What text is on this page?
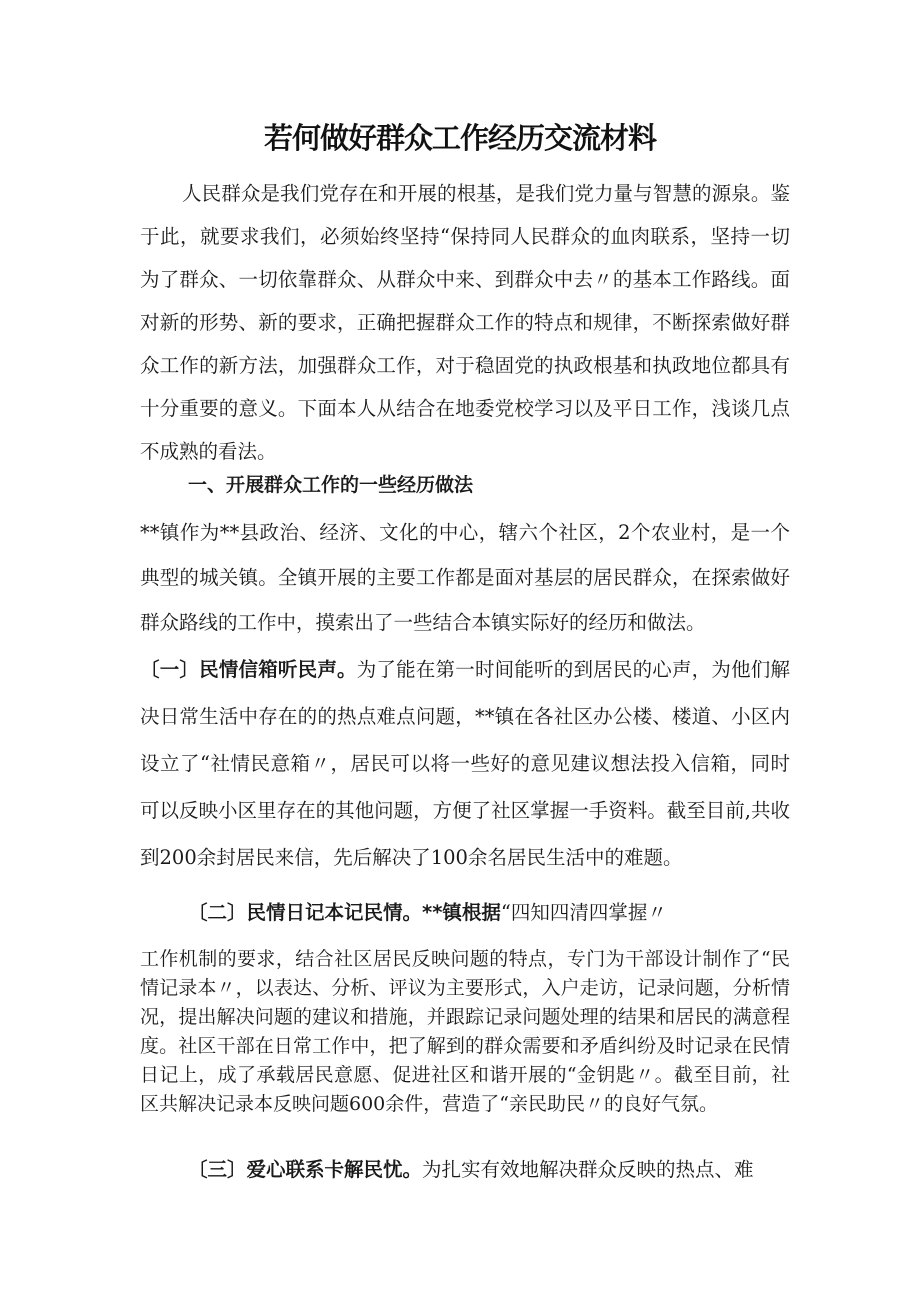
若何做好群众工作经历交流材料

人民群众是我们党存在和开展的根基，是我们党力量与智慧的源泉。鉴于此，就要求我们，必须始终坚持“保持同人民群众的血肉联系，坚持一切为了群众、一切依靠群众、从群众中来、到群众中去〃的基本工作路线。面对新的形势、新的要求，正确把握群众工作的特点和规律，不断探索做好群众工作的新方法，加强群众工作，对于稳固党的执政根基和执政地位都具有十分重要的意义。下面本人从结合在地委党校学习以及平日工作，浅谈几点不成熟的看法。

一、开展群众工作的一些经历做法

**镇作为**县政治、经济、文化的中心，辖六个社区，2个农业村，是一个典型的城关镇。全镇开展的主要工作都是面对基层的居民群众，在探索做好群众路线的工作中，摸索出了一些结合本镇实际好的经历和做法。

〔一〕民情信箱听民声。为了能在第一时间能听的到居民的心声，为他们解决日常生活中存在的的热点难点问题，**镇在各社区办公楼、楼道、小区内设立了“社情民意箱〃，居民可以将一些好的意见建议想法投入信箱，同时可以反映小区里存在的其他问题，方便了社区掌握一手资料。截至目前,共收到200余封居民来信，先后解决了100余名居民生活中的难题。

〔二〕民情日记本记民情。**镇根据“四知四清四掌握〃

工作机制的要求，结合社区居民反映问题的特点，专门为干部设计制作了“民情记录本〃，以表达、分析、评议为主要形式，入户走访，记录问题，分析情况，提出解决问题的建议和措施，并跟踪记录问题处理的结果和居民的满意程度。社区干部在日常工作中，把了解到的群众需要和矛盾纠纷及时记录在民情日记上，成了承载居民意愿、促进社区和谐开展的“金钥匙〃。截至目前，社区共解决记录本反映问题600余件，营造了“亲民助民〃的良好气氛。

〔三〕爱心联系卡解民忧。为扎实有效地解决群众反映的热点、难
